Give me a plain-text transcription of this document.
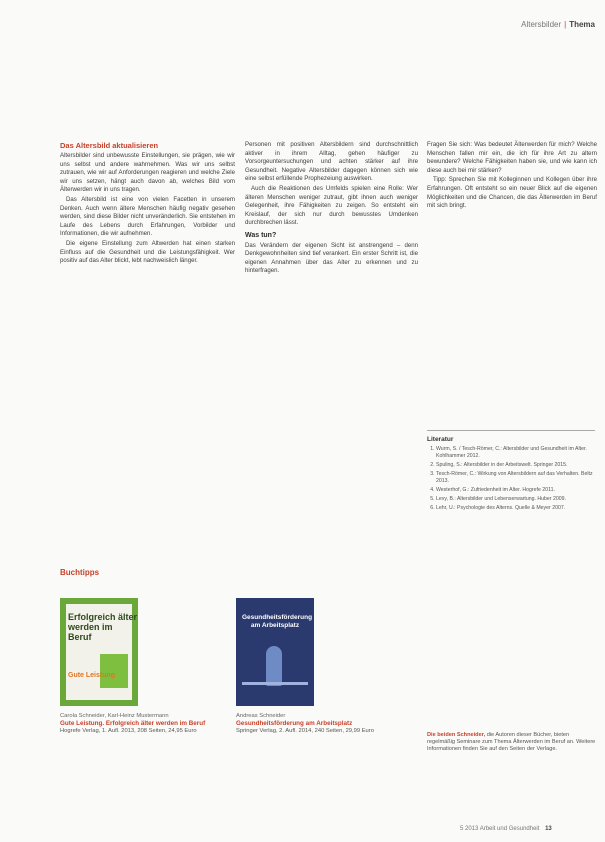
Altersbilder | Thema
Das Altersbild aktualisieren

Altersbilder sind unbewusste Einstellungen, sie prägen, wie wir uns selbst und andere wahrnehmen. Was wir uns selbst zutrauen, wie wir auf Anforderungen reagieren und welche Ziele wir uns setzen, hängt auch davon ab, welches Bild vom Älterwerden wir in uns tragen.

Das Altersbild ist eine von vielen Facetten in unserem Denken. Auch wenn ältere Menschen häufig negativ gesehen werden, sind diese Bilder nicht unveränderlich. Sie entstehen im Laufe des Lebens durch Erfahrungen, Vorbilder und Informationen, die wir aufnehmen.

Die eigene Einstellung zum Altwerden hat einen starken Einfluss auf die Gesundheit und die Leistungsfähigkeit. Wer positiv auf das Alter blickt, lebt nachweislich länger.

Personen mit positiven Altersbildern sind durchschnittlich aktiver in ihrem Alltag, gehen häufiger zu Vorsorgeuntersuchungen und achten stärker auf ihre Gesundheit. Negative Altersbilder dagegen können sich wie eine selbst erfüllende Prophezeiung auswirken.

Auch die Reaktionen des Umfelds spielen eine Rolle: Wer älteren Menschen weniger zutraut, gibt ihnen auch weniger Gelegenheit, ihre Fähigkeiten zu zeigen. So entsteht ein Kreislauf, der sich nur durch bewusstes Umdenken durchbrechen lässt.

Was tun?

Das Verändern der eigenen Sicht ist anstrengend – denn Denkgewohnheiten sind tief verankert. Ein erster Schritt ist, die eigenen Annahmen über das Alter zu erkennen und zu hinterfragen.

Fragen Sie sich: Was bedeutet Älterwerden für mich? Welche Menschen fallen mir ein, die ich für ihre Art zu altern bewundere? Welche Fähigkeiten haben sie, und wie kann ich diese auch bei mir stärken?

Tipp: Sprechen Sie mit Kolleginnen und Kollegen über ihre Erfahrungen. Oft entsteht so ein neuer Blick auf die eigenen Möglichkeiten und die Chancen, die das Älterwerden im Beruf mit sich bringt.

Literatur
1. Wurm, S. / Tesch-Römer, C.: Altersbilder und Gesundheit im Alter. Kohlhammer 2012.
2. Spuling, S.: Altersbilder in der Arbeitswelt. Springer 2015.
3. Tesch-Römer, C.: Wirkung von Altersbildern auf das Verhalten. Beltz 2013.
4. Westerhof, G.: Zufriedenheit im Alter. Hogrefe 2011.
5. Levy, B.: Altersbilder und Lebenserwartung. Huber 2009.
6. Lehr, U.: Psychologie des Alterns. Quelle & Meyer 2007.
Buchtipps
Erfolgreich älter werden im Beruf
Gute Leistung
Gesundheitsförderung am Arbeitsplatz
Carola Schneider, Karl-Heinz Mustermann
Gute Leistung. Erfolgreich älter werden im Beruf
Hogrefe Verlag, 1. Aufl. 2013, 208 Seiten, 24,95 Euro
Andreas Schneider
Gesundheitsförderung am Arbeitsplatz
Springer Verlag, 2. Aufl. 2014, 240 Seiten, 29,99 Euro
Die beiden Schneider, die Autoren dieser Bücher, bieten regelmäßig Seminare zum Thema Älterwerden im Beruf an. Weitere Informationen finden Sie auf den Seiten der Verlage.
5 2013 Arbeit und Gesundheit 13
